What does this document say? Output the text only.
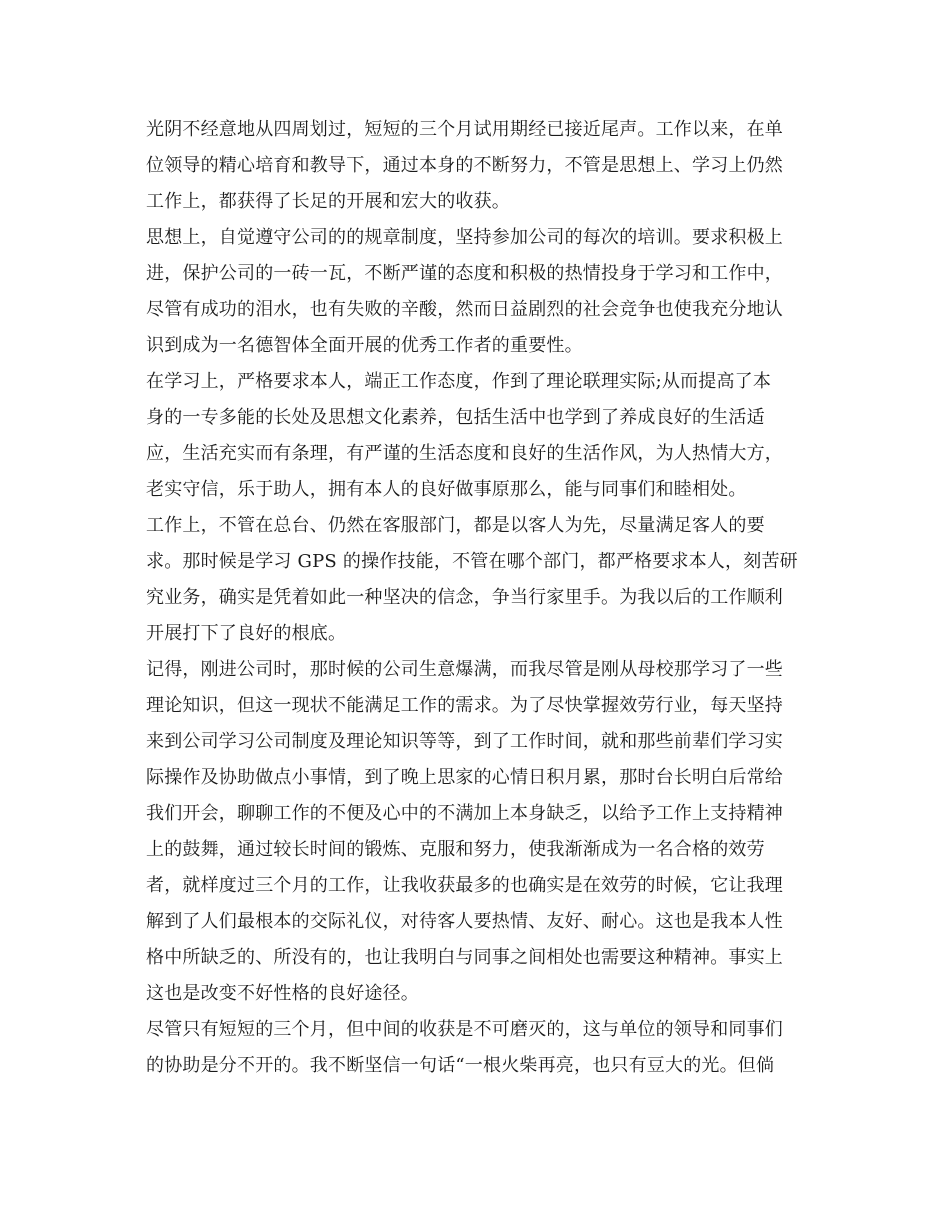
光阴不经意地从四周划过，短短的三个月试用期经已接近尾声。工作以来，在单
位领导的精心培育和教导下，通过本身的不断努力，不管是思想上、学习上仍然
工作上，都获得了长足的开展和宏大的收获。
思想上，自觉遵守公司的的规章制度，坚持参加公司的每次的培训。要求积极上
进，保护公司的一砖一瓦，不断严谨的态度和积极的热情投身于学习和工作中，
尽管有成功的泪水，也有失败的辛酸，然而日益剧烈的社会竞争也使我充分地认
识到成为一名德智体全面开展的优秀工作者的重要性。
在学习上，严格要求本人，端正工作态度，作到了理论联理实际;从而提高了本
身的一专多能的长处及思想文化素养，包括生活中也学到了养成良好的生活适
应，生活充实而有条理，有严谨的生活态度和良好的生活作风，为人热情大方，
老实守信，乐于助人，拥有本人的良好做事原那么，能与同事们和睦相处。
工作上，不管在总台、仍然在客服部门，都是以客人为先，尽量满足客人的要
求。那时候是学习 GPS 的操作技能，不管在哪个部门，都严格要求本人，刻苦研
究业务，确实是凭着如此一种坚决的信念，争当行家里手。为我以后的工作顺利
开展打下了良好的根底。
记得，刚进公司时，那时候的公司生意爆满，而我尽管是刚从母校那学习了一些
理论知识，但这一现状不能满足工作的需求。为了尽快掌握效劳行业，每天坚持
来到公司学习公司制度及理论知识等等，到了工作时间，就和那些前辈们学习实
际操作及协助做点小事情，到了晚上思家的心情日积月累，那时台长明白后常给
我们开会，聊聊工作的不便及心中的不满加上本身缺乏，以给予工作上支持精神
上的鼓舞，通过较长时间的锻炼、克服和努力，使我渐渐成为一名合格的效劳
者，就样度过三个月的工作，让我收获最多的也确实是在效劳的时候，它让我理
解到了人们最根本的交际礼仪，对待客人要热情、友好、耐心。这也是我本人性
格中所缺乏的、所没有的，也让我明白与同事之间相处也需要这种精神。事实上
这也是改变不好性格的良好途径。
尽管只有短短的三个月，但中间的收获是不可磨灭的，这与单位的领导和同事们
的协助是分不开的。我不断坚信一句话“一根火柴再亮，也只有豆大的光。但倘
